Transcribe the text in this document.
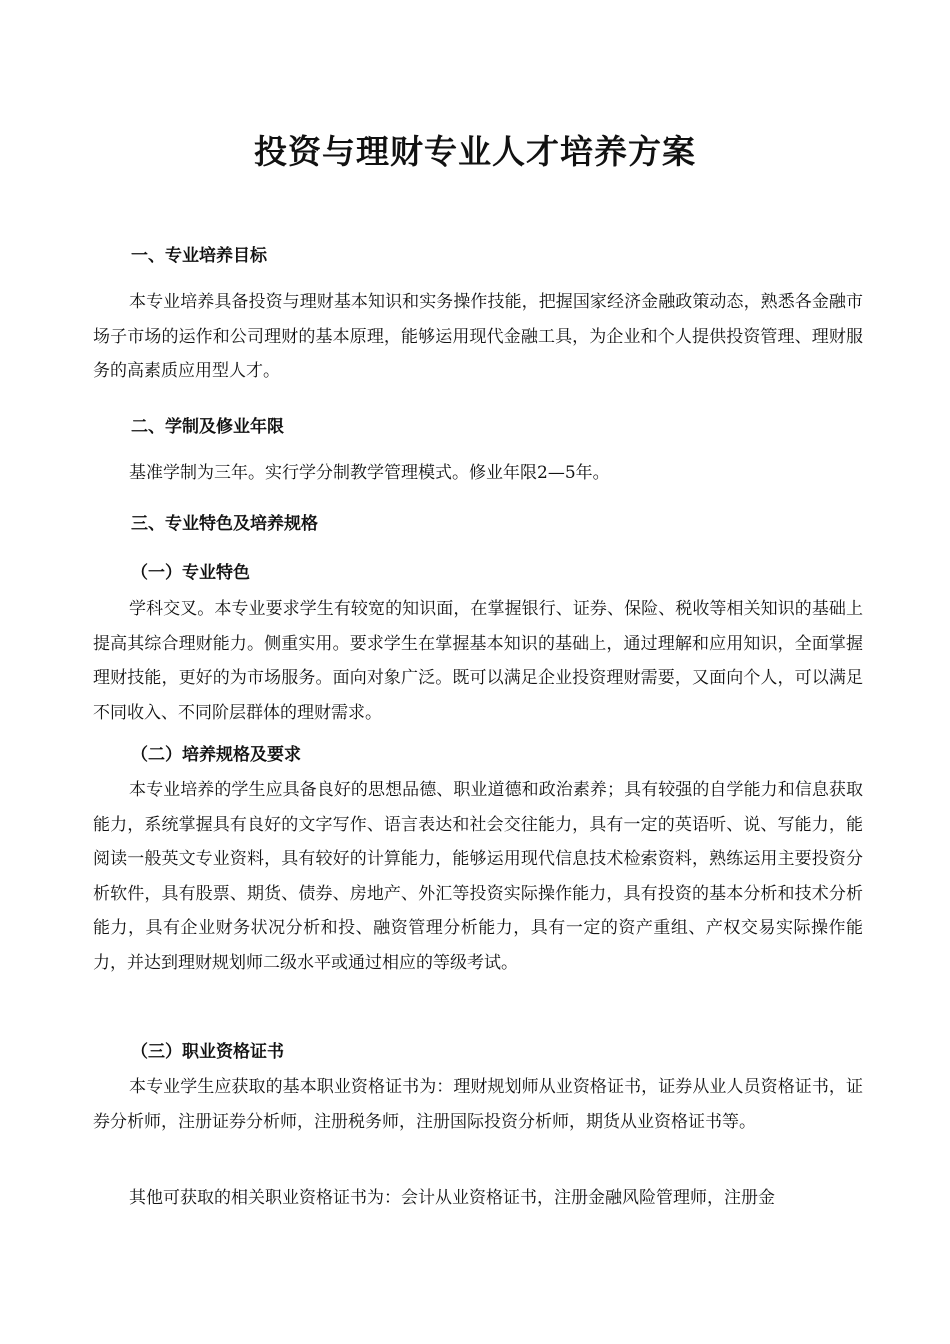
投资与理财专业人才培养方案
一、专业培养目标

本专业培养具备投资与理财基本知识和实务操作技能，把握国家经济金融政策动态，熟悉各金融市场子市场的运作和公司理财的基本原理，能够运用现代金融工具，为企业和个人提供投资管理、理财服务的高素质应用型人才。

二、学制及修业年限

基准学制为三年。实行学分制教学管理模式。修业年限2—5年。

三、专业特色及培养规格
（一）专业特色

学科交叉。本专业要求学生有较宽的知识面，在掌握银行、证券、保险、税收等相关知识的基础上提高其综合理财能力。侧重实用。要求学生在掌握基本知识的基础上，通过理解和应用知识，全面掌握理财技能，更好的为市场服务。面向对象广泛。既可以满足企业投资理财需要，又面向个人，可以满足不同收入、不同阶层群体的理财需求。

（二）培养规格及要求

本专业培养的学生应具备良好的思想品德、职业道德和政治素养；具有较强的自学能力和信息获取能力，系统掌握具有良好的文字写作、语言表达和社会交往能力，具有一定的英语听、说、写能力，能阅读一般英文专业资料，具有较好的计算能力，能够运用现代信息技术检索资料，熟练运用主要投资分析软件，具有股票、期货、债券、房地产、外汇等投资实际操作能力，具有投资的基本分析和技术分析能力，具有企业财务状况分析和投、融资管理分析能力，具有一定的资产重组、产权交易实际操作能力，并达到理财规划师二级水平或通过相应的等级考试。

（三）职业资格证书

本专业学生应获取的基本职业资格证书为：理财规划师从业资格证书，证券从业人员资格证书，证券分析师，注册证券分析师，注册税务师，注册国际投资分析师，期货从业资格证书等。

其他可获取的相关职业资格证书为：会计从业资格证书，注册金融风险管理师，注册金
